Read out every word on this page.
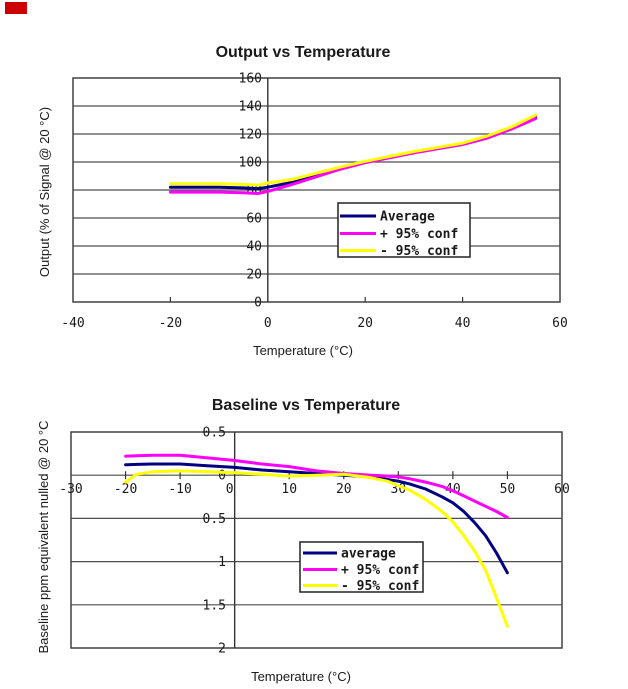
160
140
120
100
80
60
40
20
0
-40	-20	0	20	40	60
Average
+ 95% conf
- 95% conf
Output vs Temperature
Temperature (°C)
Output (% of Signal @ 20 °C)
0.5
0
0.5
1
1.5
2
-30 -20 -10	0	10	20	30	40	50	60
average
+ 95% conf
- 95% conf
Baseline vs Temperature
Temperature (°C)
Baseline ppm equivalent nulled @ 20 °C
